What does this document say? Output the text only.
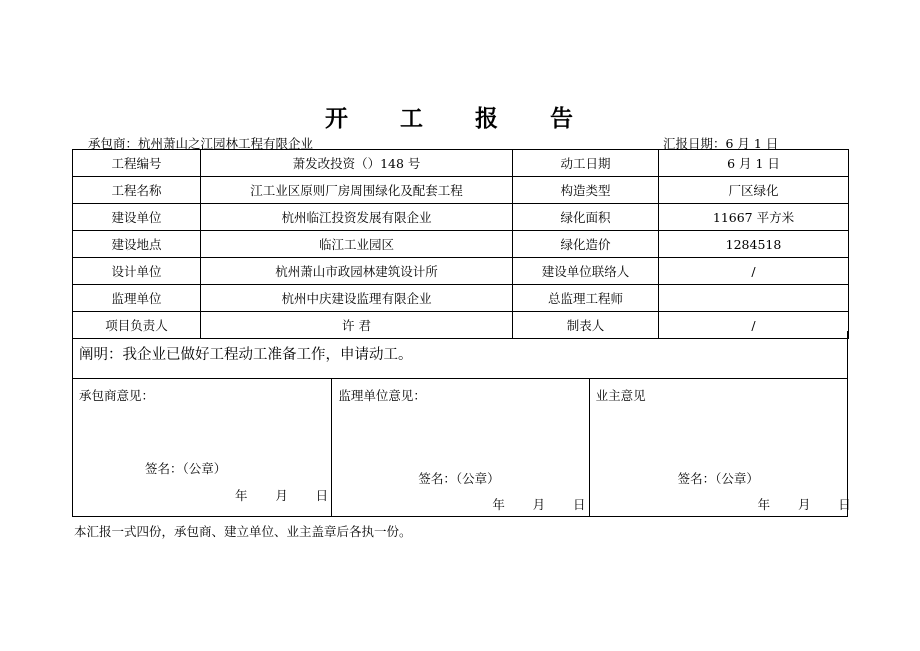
开 工 报 告
承包商：杭州萧山之江园林工程有限企业	汇报日期：6 月 1 日
工程编号	萧发改投资（）148 号	动工日期	6 月 1 日
工程名称	江工业区原则厂房周围绿化及配套工程	构造类型	厂区绿化
建设单位	杭州临江投资发展有限企业	绿化面积	11667 平方米
建设地点	临江工业园区	绿化造价	1284518
设计单位	杭州萧山市政园林建筑设计所	建设单位联络人	/
监理单位	杭州中庆建设监理有限企业	总监理工程师	
项目负责人	许 君	制表人	/
阐明：我企业已做好工程动工准备工作，申请动工。
承包商意见：
签名：（公章）
年       月       日
监理单位意见：
签名：（公章）
年       月       日
业主意见
签名：（公章）
年       月       日
本汇报一式四份，承包商、建立单位、业主盖章后各执一份。
